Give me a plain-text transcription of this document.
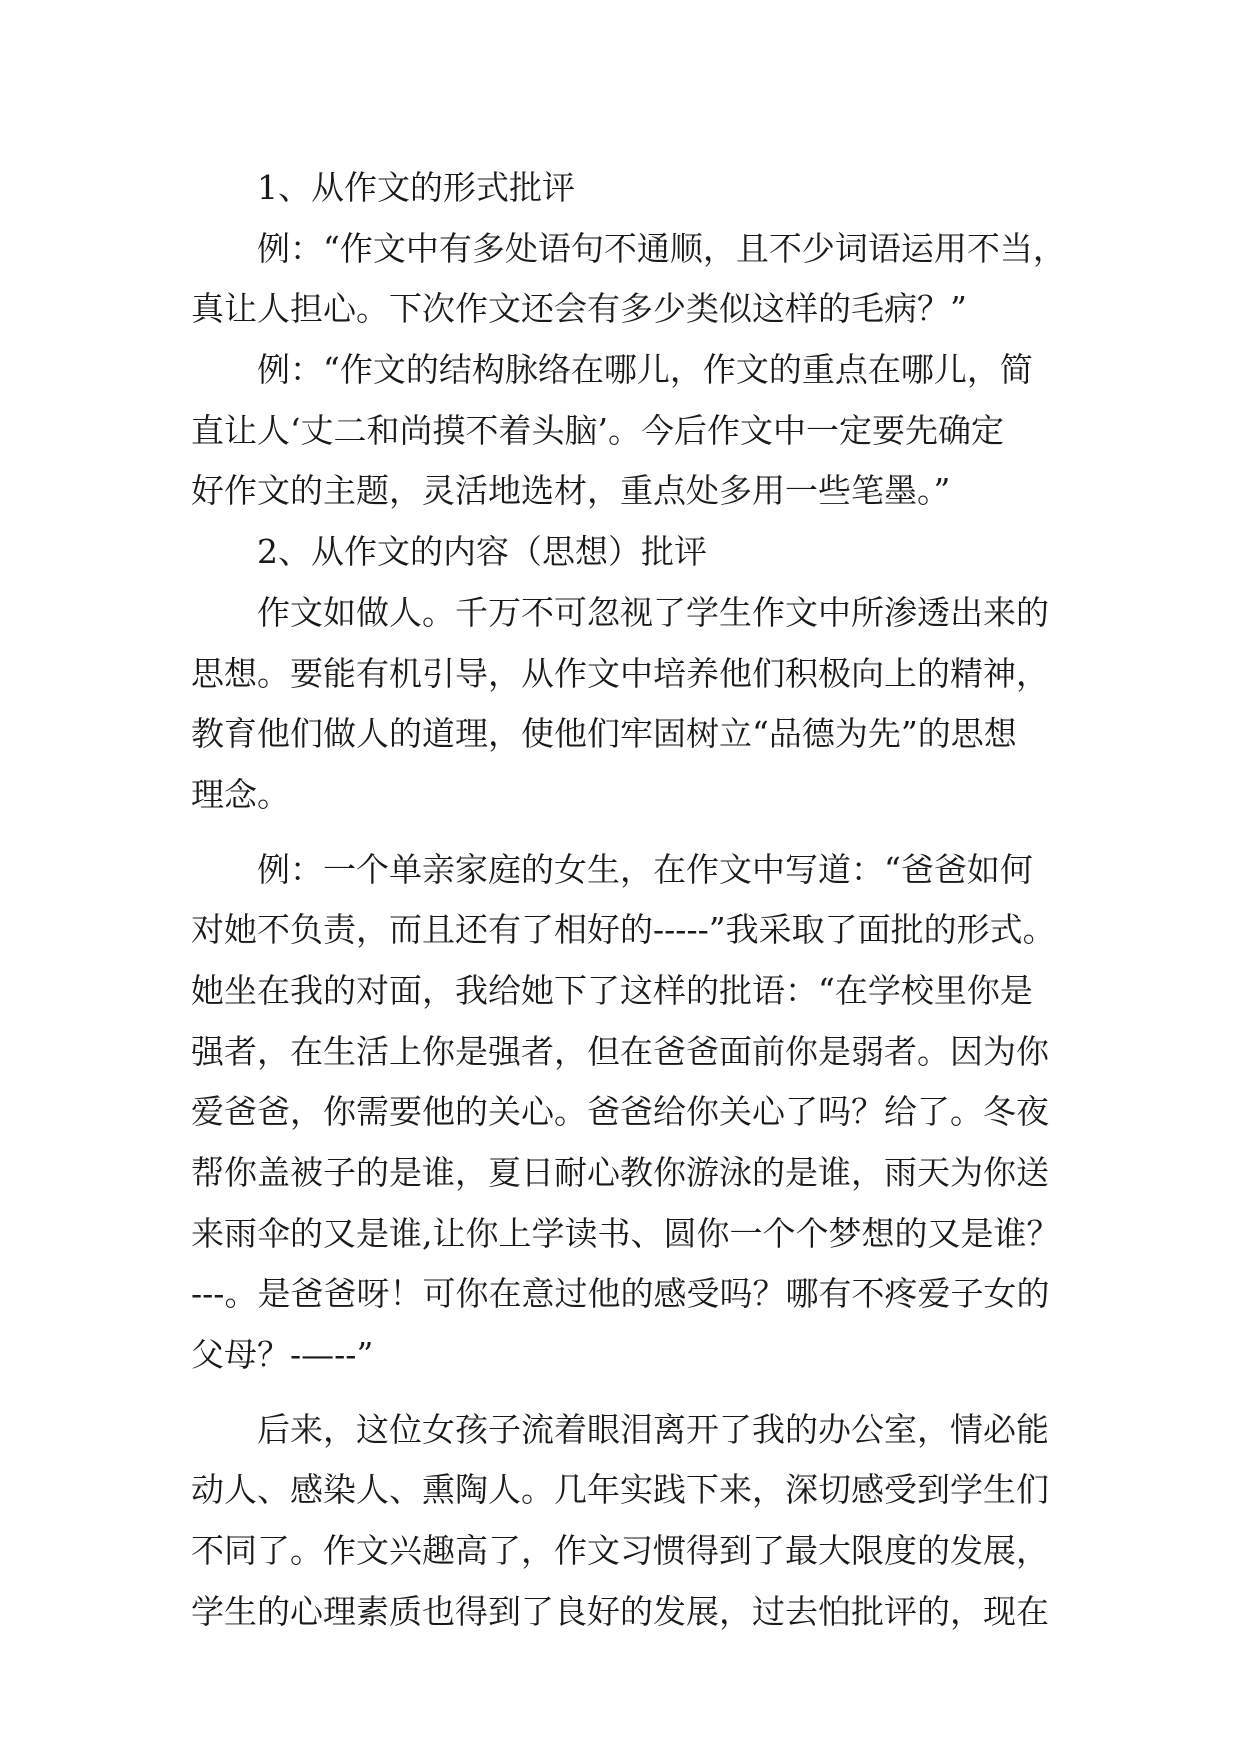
1、从作文的形式批评
例：“作文中有多处语句不通顺，且不少词语运用不当，
真让人担心。下次作文还会有多少类似这样的毛病？”
例：“作文的结构脉络在哪儿，作文的重点在哪儿，简
直让人‘丈二和尚摸不着头脑’。今后作文中一定要先确定
好作文的主题，灵活地选材，重点处多用一些笔墨。”
2、从作文的内容（思想）批评
作文如做人。千万不可忽视了学生作文中所渗透出来的
思想。要能有机引导，从作文中培养他们积极向上的精神，
教育他们做人的道理，使他们牢固树立“品德为先”的思想
理念。
例：一个单亲家庭的女生，在作文中写道：“爸爸如何
对她不负责，而且还有了相好的-----”我采取了面批的形式。
她坐在我的对面，我给她下了这样的批语：“在学校里你是
强者，在生活上你是强者，但在爸爸面前你是弱者。因为你
爱爸爸，你需要他的关心。爸爸给你关心了吗？给了。冬夜
帮你盖被子的是谁，夏日耐心教你游泳的是谁，雨天为你送
来雨伞的又是谁,让你上学读书、圆你一个个梦想的又是谁？
---。是爸爸呀！可你在意过他的感受吗？哪有不疼爱子女的
父母？-—--”
后来，这位女孩子流着眼泪离开了我的办公室，情必能
动人、感染人、熏陶人。几年实践下来，深切感受到学生们
不同了。作文兴趣高了，作文习惯得到了最大限度的发展，
学生的心理素质也得到了良好的发展，过去怕批评的，现在
